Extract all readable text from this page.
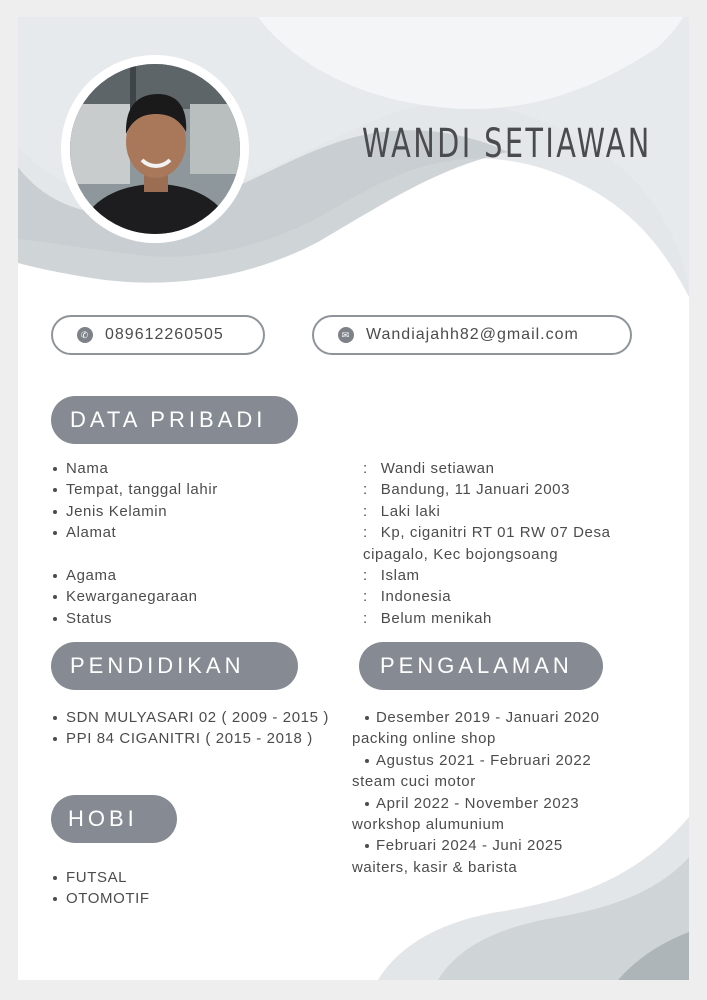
WANDI SETIAWAN
✆ 089612260505	✉ Wandiajahh82@gmail.com
DATA PRIBADI
Nama
Tempat, tanggal lahir
Jenis Kelamin
Alamat
Agama
Kewarganegaraan
Status
: Wandi setiawan
: Bandung, 11 Januari 2003
: Laki laki
: Kp, ciganitri RT 01 RW 07 Desa
cipagalo, Kec bojongsoang
: Islam
: Indonesia
: Belum menikah
PENDIDIKAN	PENGALAMAN
SDN MULYASARI 02 ( 2009 - 2015 )
PPI 84 CIGANITRI ( 2015 - 2018 )
Desember 2019 - Januari 2020
packing online shop
Agustus 2021 - Februari 2022
steam cuci motor
April 2022 - November 2023
workshop alumunium
Februari 2024 - Juni 2025
waiters, kasir & barista
HOBI
FUTSAL
OTOMOTIF
